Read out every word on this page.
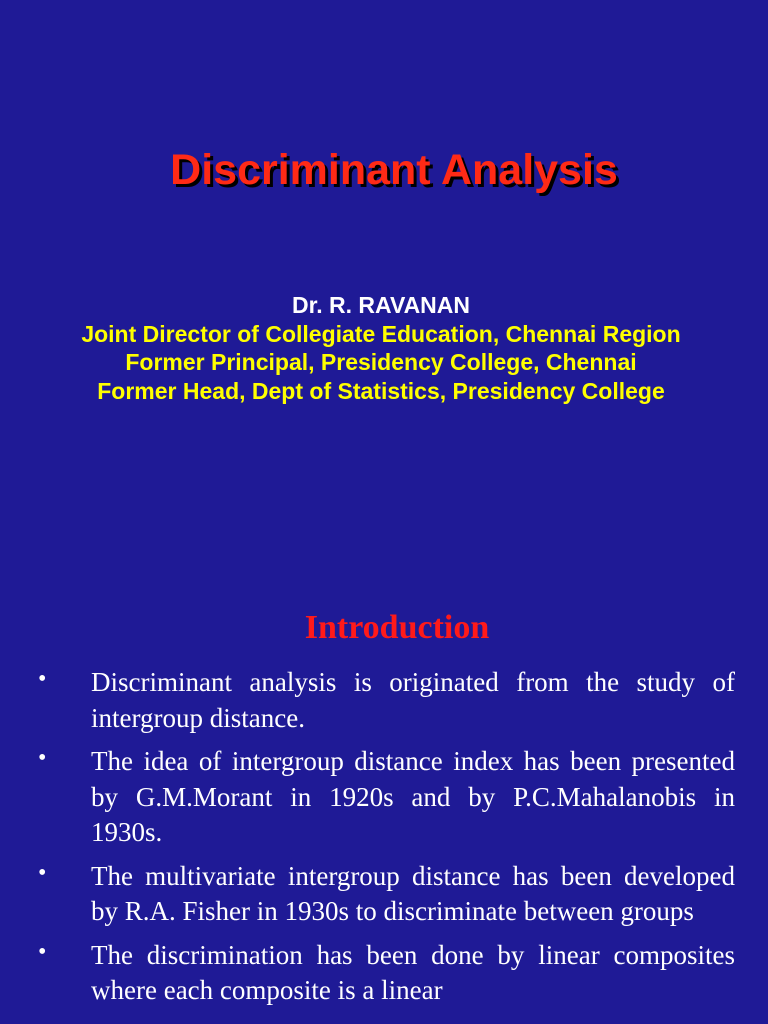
Discriminant Analysis
Dr. R. RAVANAN
Joint Director of Collegiate Education, Chennai Region
Former Principal, Presidency College, Chennai
Former Head, Dept of Statistics, Presidency College
Introduction
• Discriminant analysis is originated from the study of intergroup distance.
• The idea of intergroup distance index has been presented by G.M.Morant in 1920s and by P.C.Mahalanobis in 1930s.
• The multivariate intergroup distance has been developed by R.A. Fisher in 1930s to discriminate between groups
• The discrimination has been done by linear composites where each composite is a linear
